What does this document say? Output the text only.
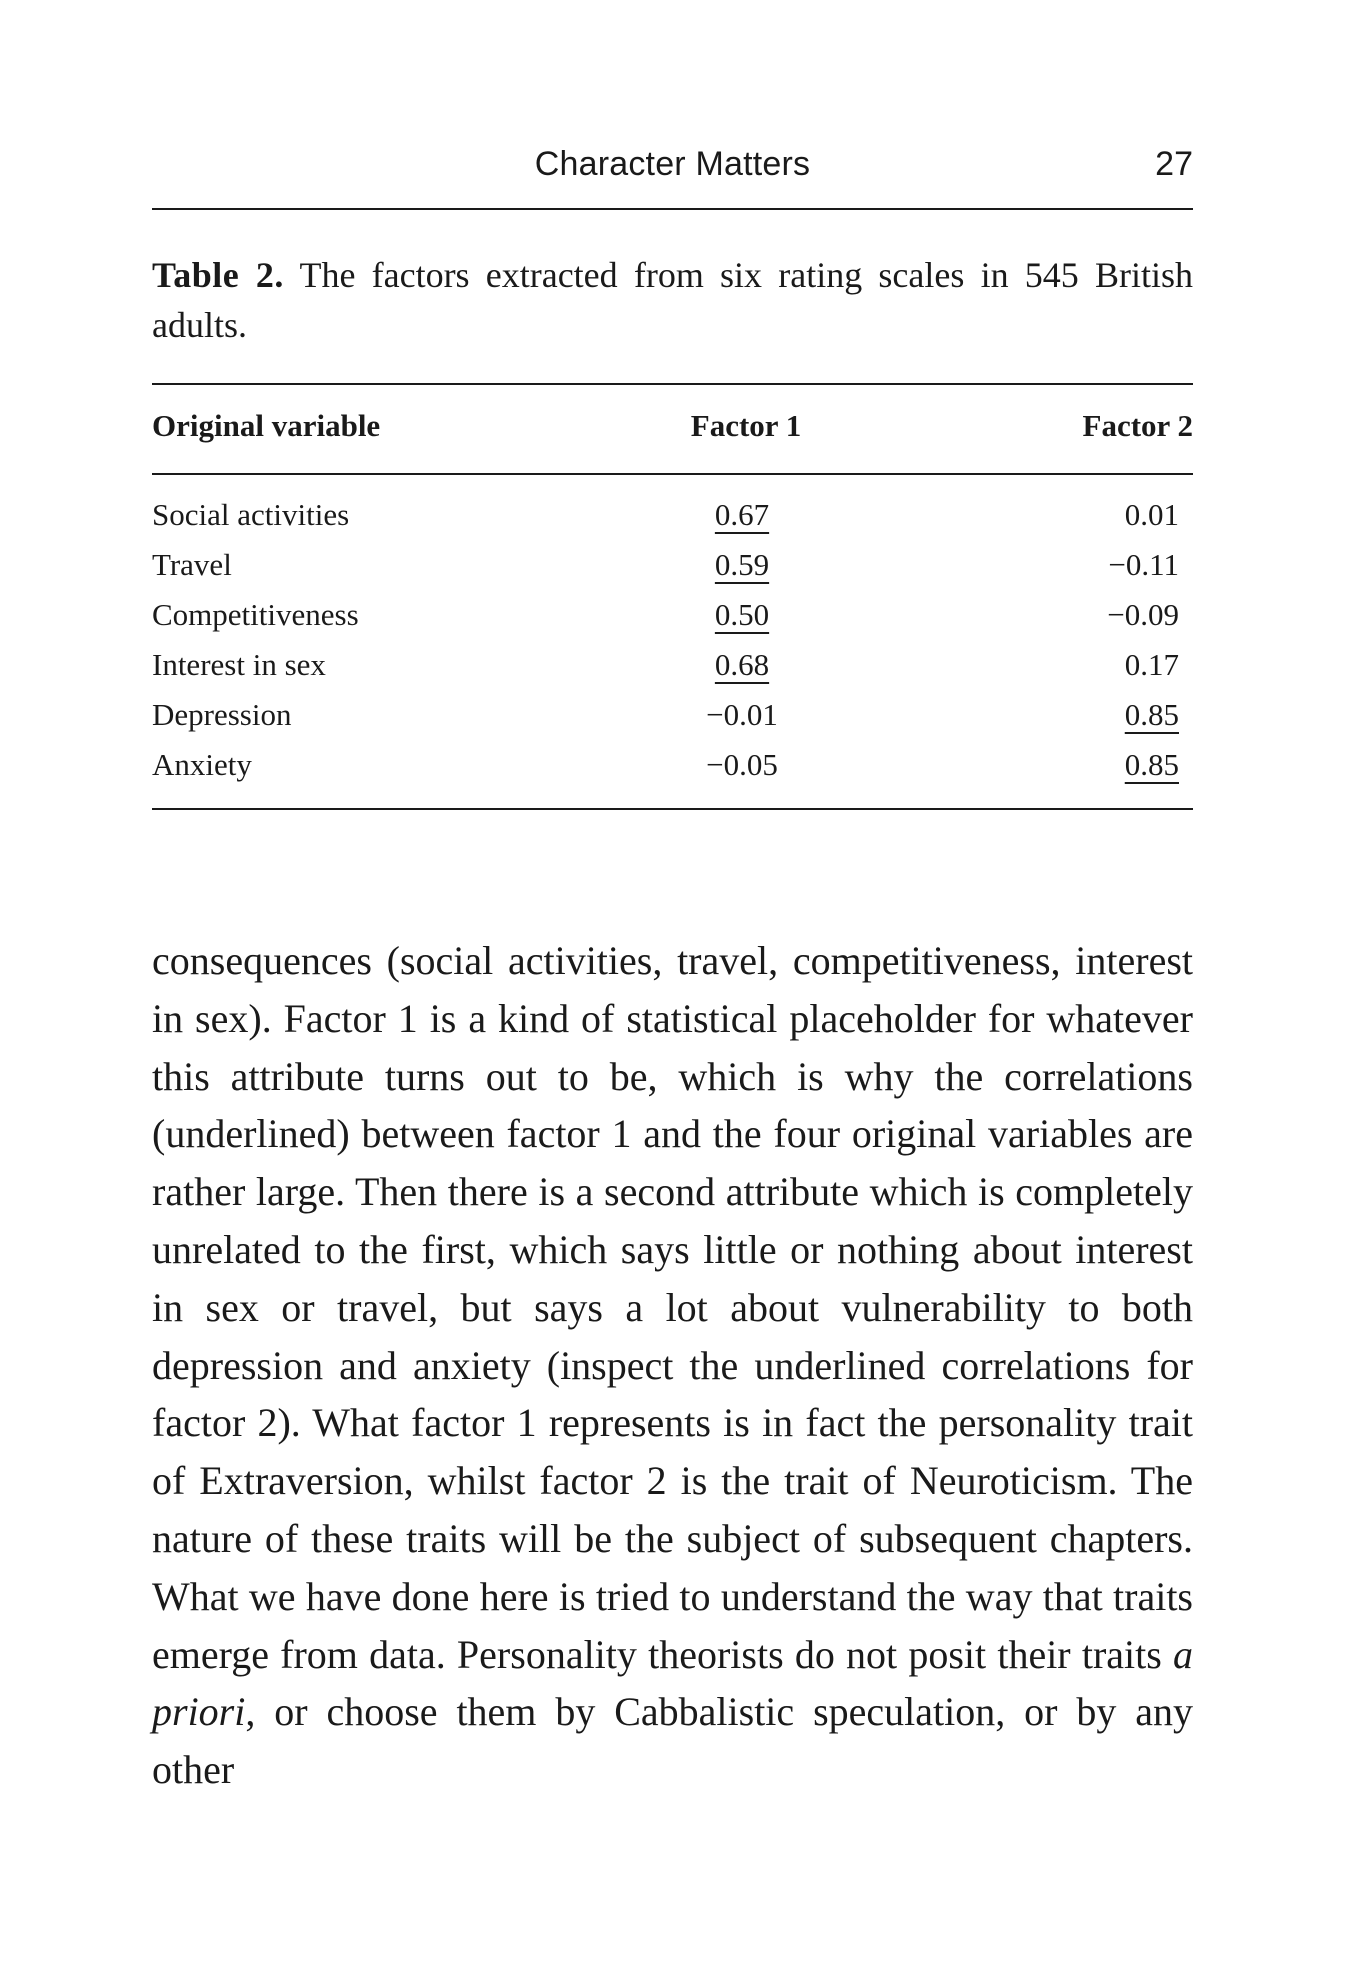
Character Matters	27
Table 2. The factors extracted from six rating scales in 545 British adults.
Original variable	Factor 1	Factor 2
Social activities	0.67	0.01
Travel	0.59	−0.11
Competitiveness	0.50	−0.09
Interest in sex	0.68	0.17
Depression	−0.01	0.85
Anxiety	−0.05	0.85

consequences (social activities, travel, competitiveness, interest in sex). Factor 1 is a kind of statistical placeholder for whatever this attribute turns out to be, which is why the correlations (underlined) between factor 1 and the four original variables are rather large. Then there is a second attribute which is completely unrelated to the first, which says little or nothing about interest in sex or travel, but says a lot about vulnerability to both depression and anxiety (inspect the underlined correlations for factor 2). What factor 1 represents is in fact the personality trait of Extraversion, whilst factor 2 is the trait of Neuroticism. The nature of these traits will be the subject of subsequent chapters. What we have done here is tried to understand the way that traits emerge from data. Personality theorists do not posit their traits a priori, or choose them by Cabbalistic speculation, or by any other
